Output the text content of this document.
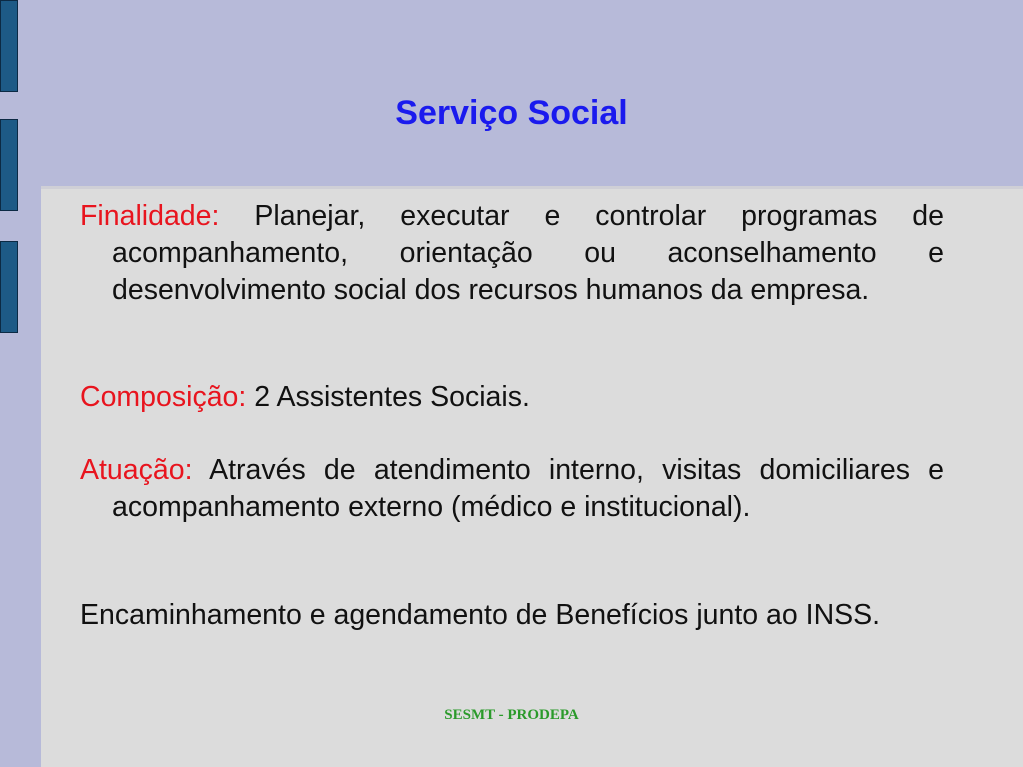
Serviço Social

Finalidade: Planejar, executar e controlar programas de acompanhamento, orientação ou aconselhamento e desenvolvimento social dos recursos humanos da empresa.

Composição: 2 Assistentes Sociais.

Atuação: Através de atendimento interno, visitas domiciliares e acompanhamento externo (médico e institucional).

Encaminhamento e agendamento de Benefícios junto ao INSS.

SESMT - PRODEPA
